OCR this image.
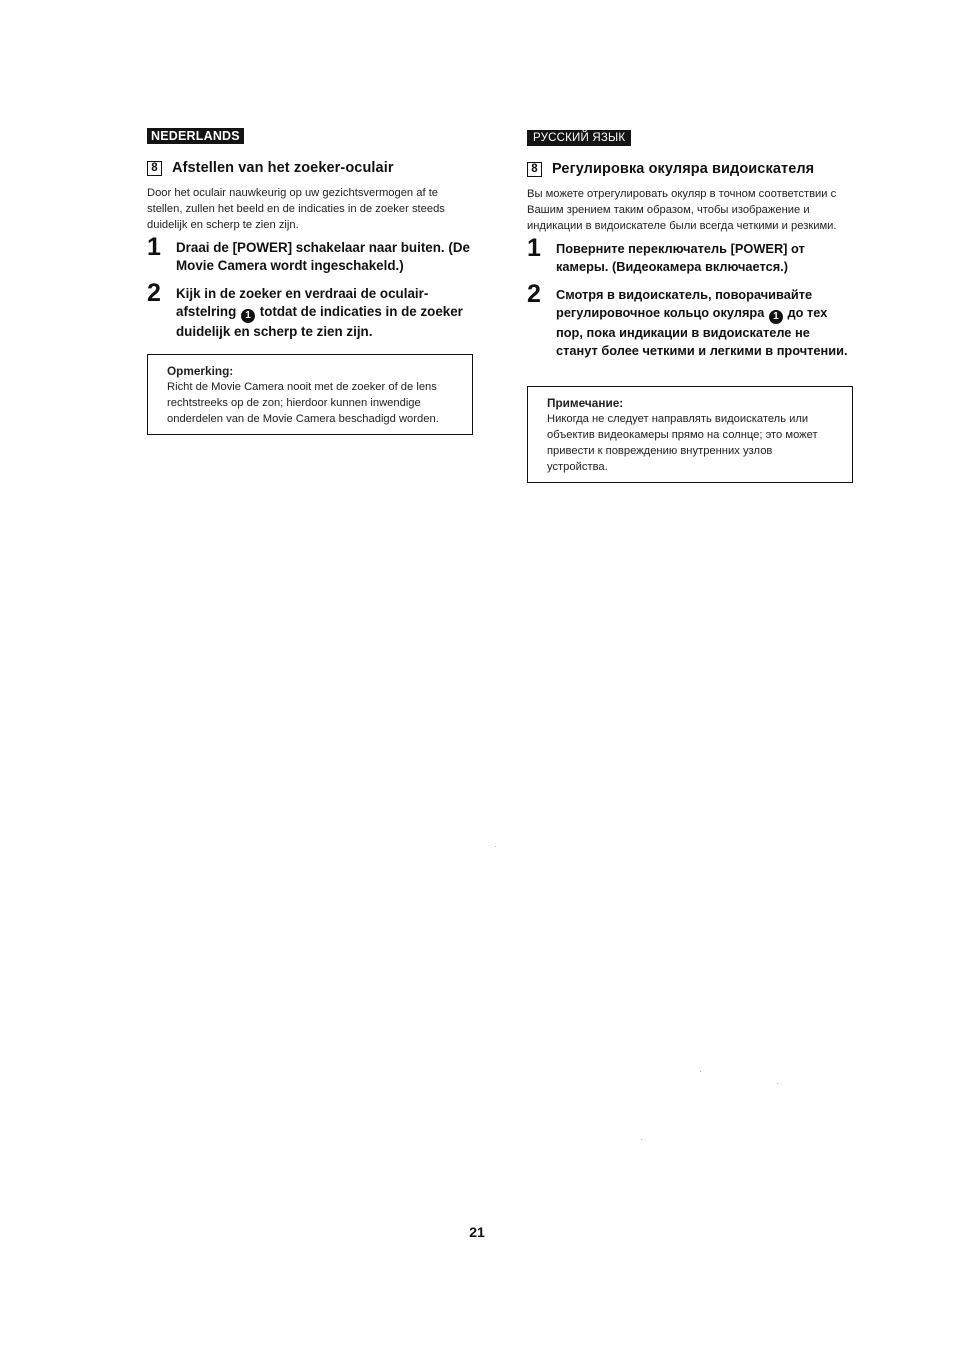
NEDERLANDS
8 Afstellen van het zoeker-oculair
Door het oculair nauwkeurig op uw gezichtsvermogen af te stellen, zullen het beeld en de indicaties in de zoeker steeds duidelijk en scherp te zien zijn.
1 Draai de [POWER] schakelaar naar buiten. (De Movie Camera wordt ingeschakeld.)
2 Kijk in de zoeker en verdraai de oculair-afstelring 1 totdat de indicaties in de zoeker duidelijk en scherp te zien zijn.
Opmerking:
Richt de Movie Camera nooit met de zoeker of de lens rechtstreeks op de zon; hierdoor kunnen inwendige onderdelen van de Movie Camera beschadigd worden.
РУССКИЙ ЯЗЫК
8 Регулировка окуляра видоискателя
Вы можете отрегулировать окуляр в точном соответствии с Вашим зрением таким образом, чтобы изображение и индикации в видоискателе были всегда четкими и резкими.
1 Поверните переключатель [POWER] от камеры. (Видеокамера включается.)
2 Смотря в видоискатель, поворачивайте регулировочное кольцо окуляра 1 до тех пор, пока индикации в видоискателе не станут более четкими и легкими в прочтении.
Примечание:
Никогда не следует направлять видоискатель или объектив видеокамеры прямо на солнце; это может привести к повреждению внутренних узлов устройства.
21
